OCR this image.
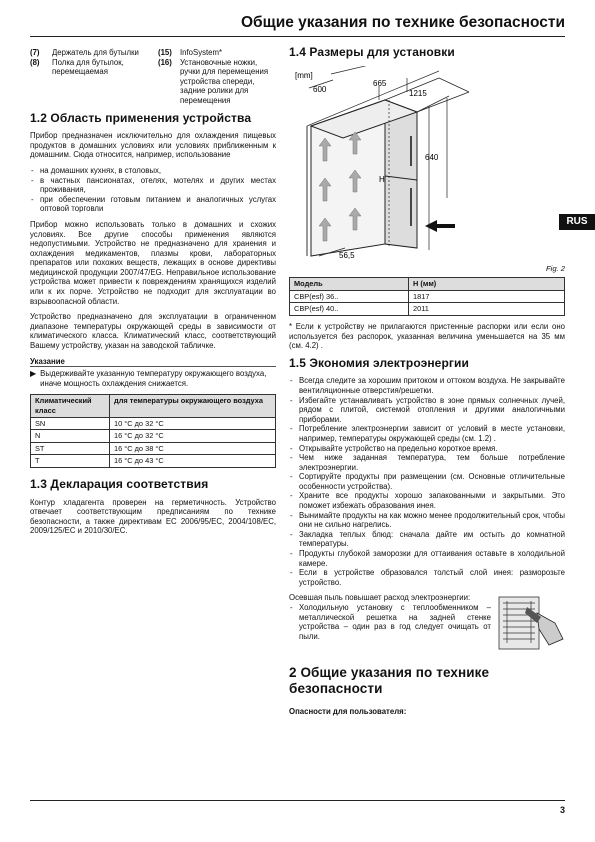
Общие указания по технике безопасности
RUS
(7)	Держатель для бутылки
(8)	Полка для бутылок, перемещаемая
(15)	InfoSystem*
(16)	Установочные ножки, ручки для перемещения устройства спереди, задние ролики для перемещения
1.2 Область применения устройства

Прибор предназначен исключительно для охлаждения пищевых продуктов в домашних условиях или условиях приближенным к домашним. Сюда относится, например, использование

- на домашних кухнях, в столовых,
- в частных пансионатах, отелях, мотелях и других местах проживания,
- при обеспечении готовым питанием и аналогичных услугах оптовой торговли

Прибор можно использовать только в домашних и схожих условиях. Все другие способы применения являются недопустимыми. Устройство не предназначено для хранения и охлаждения медикаментов, плазмы крови, лабораторных препаратов или похожих веществ, лежащих в основе директивы медицинской продукции 2007/47/EG. Неправильное использование устройства может привести к повреждениям хранящихся изделий или к их порче. Устройство не подходит для эксплуатации во взрывоопасной области.

Устройство предназначено для эксплуатации в ограниченном диапазоне температуры окружающей среды в зависимости от климатического класса. Климатический класс, соответствующий Вашему устройству, указан на заводской табличке.

Указание
▶ Выдерживайте указанную температуру окружающего воздуха, иначе мощность охлаждения снижается.
Климатический класс	для температуры окружающего воздуха
SN	10 °C до 32 °C
N	16 °C до 32 °C
ST	16 °C до 38 °C
T	16 °C до 43 °C
1.3 Декларация соответствия

Контур хладагента проверен на герметичность. Устройство отвечает соответствующим предписаниям по технике безопасности, а также директивам ЕС 2006/95/EC, 2004/108/EC, 2009/125/EC и 2010/30/EC.

1.4 Размеры для установки
[mm]
600
665
1215
H
640
56,5
Fig. 2
Модель	H (мм)
CBP(esf) 36..	1817
CBP(esf) 40..	2011

* Если к устройству не прилагаются пристенные распорки или если оно используется без распорок, указанная величина уменьшается на 35 мм (см. 4.2) .

1.5 Экономия электроэнергии
- Всегда следите за хорошим притоком и оттоком воздуха. Не закрывайте вентиляционные отверстия/решетки.
- Избегайте устанавливать устройство в зоне прямых солнечных лучей, рядом с плитой, системой отопления и другими аналогичными приборами.
- Потребление электроэнергии зависит от условий в месте установки, например, температуры окружающей среды (см. 1.2) .
- Открывайте устройство на предельно короткое время.
- Чем ниже заданная температура, тем больше потребление электроэнергии.
- Сортируйте продукты при размещении (см. Основные отличительные особенности устройства).
- Храните все продукты хорошо запакованными и закрытыми. Это поможет избежать образования инея.
- Вынимайте продукты на как можно менее продолжительный срок, чтобы они не сильно нагрелись.
- Закладка теплых блюд: сначала дайте им остыть до комнатной температуры.
- Продукты глубокой заморозки для оттаивания оставьте в холодильной камере.
- Если в устройстве образовался толстый слой инея: разморозьте устройство.

Осевшая пыль повышает расход электроэнергии:

- Холодильную установку с теплообменником – металлической решетка на задней стенке устройства – один раз в год следует очищать от пыли.
2 Общие указания по технике безопасности
Опасности для пользователя:
3
